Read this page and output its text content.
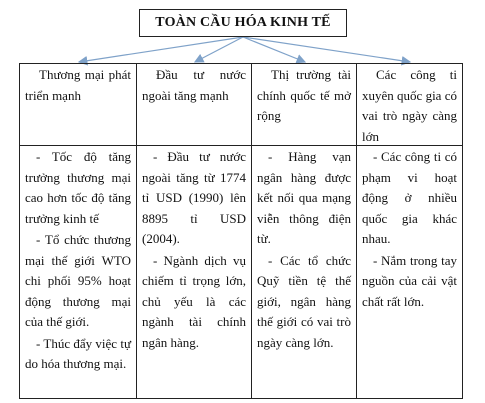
TOÀN CẦU HÓA KINH TẾ

Thương mại phát triển mạnh

Đầu tư nước ngoài tăng mạnh

Thị trường tài chính quốc tế mở rộng

Các công ti xuyên quốc gia có vai trò ngày càng lớn

- Tốc độ tăng trưởng thương mại cao hơn tốc độ tăng trưởng kinh tế

- Tổ chức thương mại thế giới WTO chi phối 95% hoạt động thương mại của thế giới.

- Thúc đẩy việc tự do hóa thương mại.

- Đầu tư nước ngoài tăng từ 1774 tỉ USD (1990) lên 8895 tỉ USD (2004).

- Ngành dịch vụ chiếm tỉ trọng lớn, chủ yếu là các ngành tài chính ngân hàng.

- Hàng vạn ngân hàng được kết nối qua mạng viễn thông điện từ.

- Các tổ chức Quỹ tiền tệ thế giới, ngân hàng thế giới có vai trò ngày càng lớn.

- Các công ti có phạm vi hoạt động ở nhiều quốc gia khác nhau.

- Nắm trong tay nguồn của cải vật chất rất lớn.
